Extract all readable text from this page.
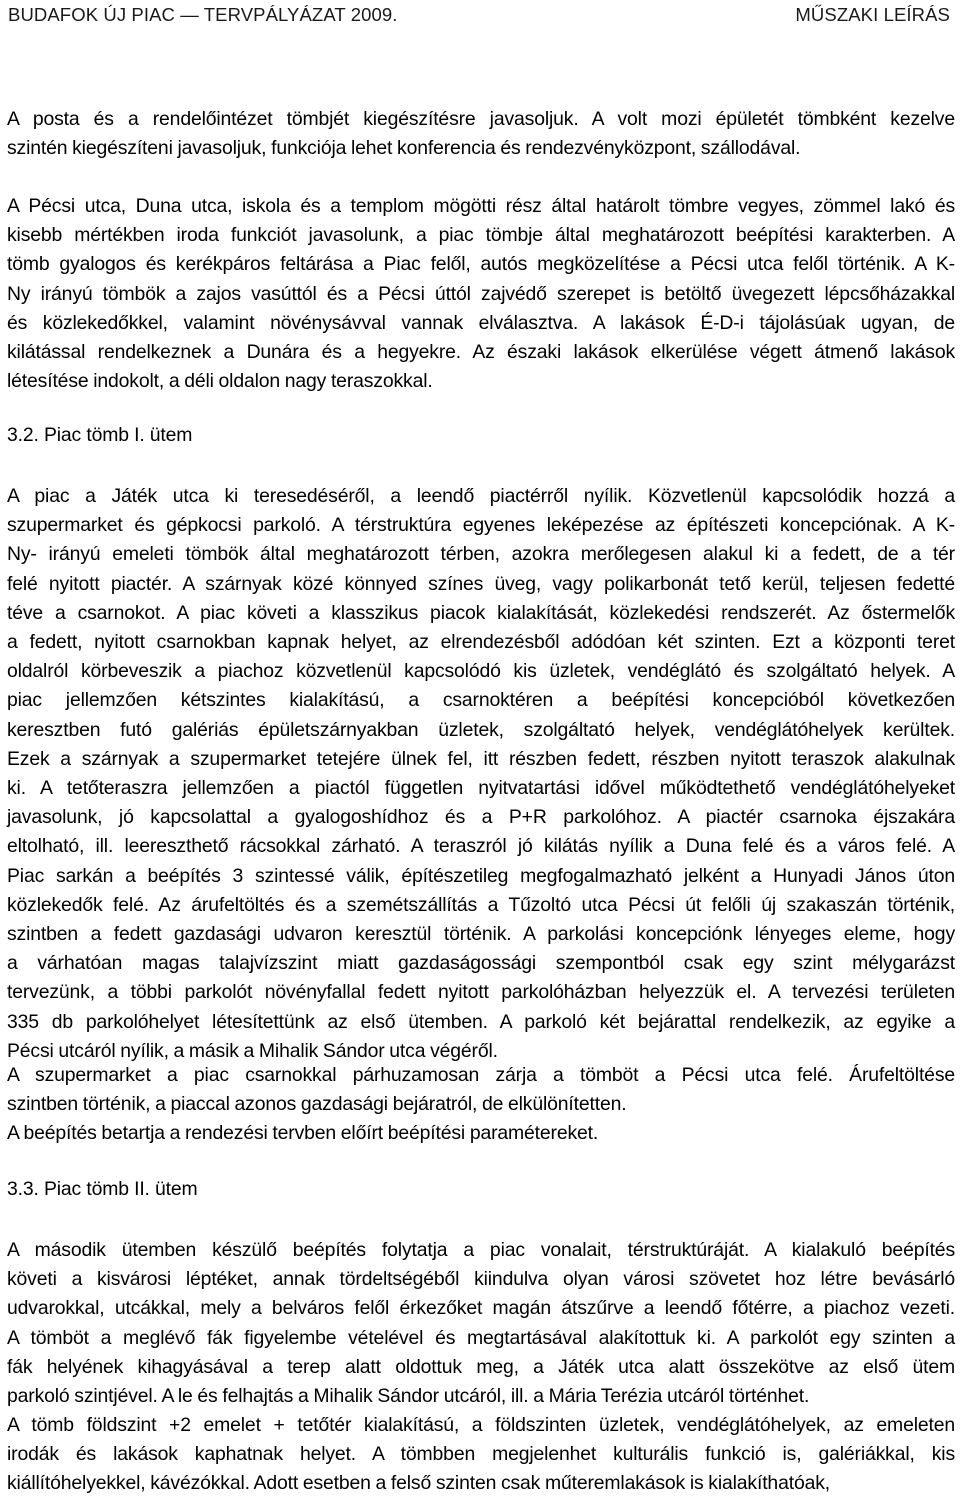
BUDAFOK ÚJ PIAC — TERVPÁLYÁZAT 2009.	MŰSZAKI LEÍRÁS
A posta és a rendelőintézet tömbjét kiegészítésre javasoljuk. A volt mozi épületét tömbként kezelve
szintén kiegészíteni javasoljuk, funkciója lehet konferencia és rendezvényközpont, szállodával.
A Pécsi utca, Duna utca, iskola és a templom mögötti rész által határolt tömbre vegyes, zömmel lakó és
kisebb mértékben iroda funkciót javasolunk, a piac tömbje által meghatározott beépítési karakterben. A
tömb gyalogos és kerékpáros feltárása a Piac felől, autós megközelítése a Pécsi utca felől történik. A K-
Ny irányú tömbök a zajos vasúttól és a Pécsi úttól zajvédő szerepet is betöltő üvegezett lépcsőházakkal
és közlekedőkkel, valamint növénysávval vannak elválasztva. A lakások É-D-i tájolásúak ugyan, de
kilátással rendelkeznek a Dunára és a hegyekre. Az északi lakások elkerülése végett átmenő lakások
létesítése indokolt, a déli oldalon nagy teraszokkal.
3.2. Piac tömb I. ütem
A piac a Játék utca ki teresedéséről, a leendő piactérről nyílik. Közvetlenül kapcsolódik hozzá a
szupermarket és gépkocsi parkoló. A térstruktúra egyenes leképezése az építészeti koncepciónak. A K-
Ny- irányú emeleti tömbök által meghatározott térben, azokra merőlegesen alakul ki a fedett, de a tér
felé nyitott piactér. A szárnyak közé könnyed színes üveg, vagy polikarbonát tető kerül, teljesen fedetté
téve a csarnokot. A piac követi a klasszikus piacok kialakítását, közlekedési rendszerét. Az őstermelők
a fedett, nyitott csarnokban kapnak helyet, az elrendezésből adódóan két szinten. Ezt a központi teret
oldalról körbeveszik a piachoz közvetlenül kapcsolódó kis üzletek, vendéglátó és szolgáltató helyek. A
piac jellemzően kétszintes kialakítású, a csarnoktéren a beépítési koncepcióból következően
keresztben futó galériás épületszárnyakban üzletek, szolgáltató helyek, vendéglátóhelyek kerültek.
Ezek a szárnyak a szupermarket tetejére ülnek fel, itt részben fedett, részben nyitott teraszok alakulnak
ki. A tetőteraszra jellemzően a piactól független nyitvatartási idővel működtethető vendéglátóhelyeket
javasolunk, jó kapcsolattal a gyalogoshídhoz és a P+R parkolóhoz. A piactér csarnoka éjszakára
eltolható, ill. leereszthető rácsokkal zárható. A teraszról jó kilátás nyílik a Duna felé és a város felé. A
Piac sarkán a beépítés 3 szintessé válik, építészetileg megfogalmazható jelként a Hunyadi János úton
közlekedők felé. Az árufeltöltés és a szemétszállítás a Tűzoltó utca Pécsi út felőli új szakaszán történik,
szintben a fedett gazdasági udvaron keresztül történik. A parkolási koncepciónk lényeges eleme, hogy
a várhatóan magas talajvízszint miatt gazdaságossági szempontból csak egy szint mélygarázst
tervezünk, a többi parkolót növényfallal fedett nyitott parkolóházban helyezzük el. A tervezési területen
335 db parkolóhelyet létesítettünk az első ütemben. A parkoló két bejárattal rendelkezik, az egyike a
Pécsi utcáról nyílik, a másik a Mihalik Sándor utca végéről.
A szupermarket a piac csarnokkal párhuzamosan zárja a tömböt a Pécsi utca felé. Árufeltöltése
szintben történik, a piaccal azonos gazdasági bejáratról, de elkülönítetten.
A beépítés betartja a rendezési tervben előírt beépítési paramétereket.
3.3. Piac tömb II. ütem
A második ütemben készülő beépítés folytatja a piac vonalait, térstruktúráját. A kialakuló beépítés
követi a kisvárosi léptéket, annak tördeltségéből kiindulva olyan városi szövetet hoz létre bevásárló
udvarokkal, utcákkal, mely a belváros felől érkezőket magán átszűrve a leendő főtérre, a piachoz vezeti.
A tömböt a meglévő fák figyelembe vételével és megtartásával alakítottuk ki. A parkolót egy szinten a
fák helyének kihagyásával a terep alatt oldottuk meg, a Játék utca alatt összekötve az első ütem
parkoló szintjével. A le és felhajtás a Mihalik Sándor utcáról, ill. a Mária Terézia utcáról történhet.
A tömb földszint +2 emelet + tetőtér kialakítású, a földszinten üzletek, vendéglátóhelyek, az emeleten
irodák és lakások kaphatnak helyet. A tömbben megjelenhet kulturális funkció is, galériákkal, kis
kiállítóhelyekkel, kávézókkal. Adott esetben a felső szinten csak műteremlakások is kialakíthatóak,
